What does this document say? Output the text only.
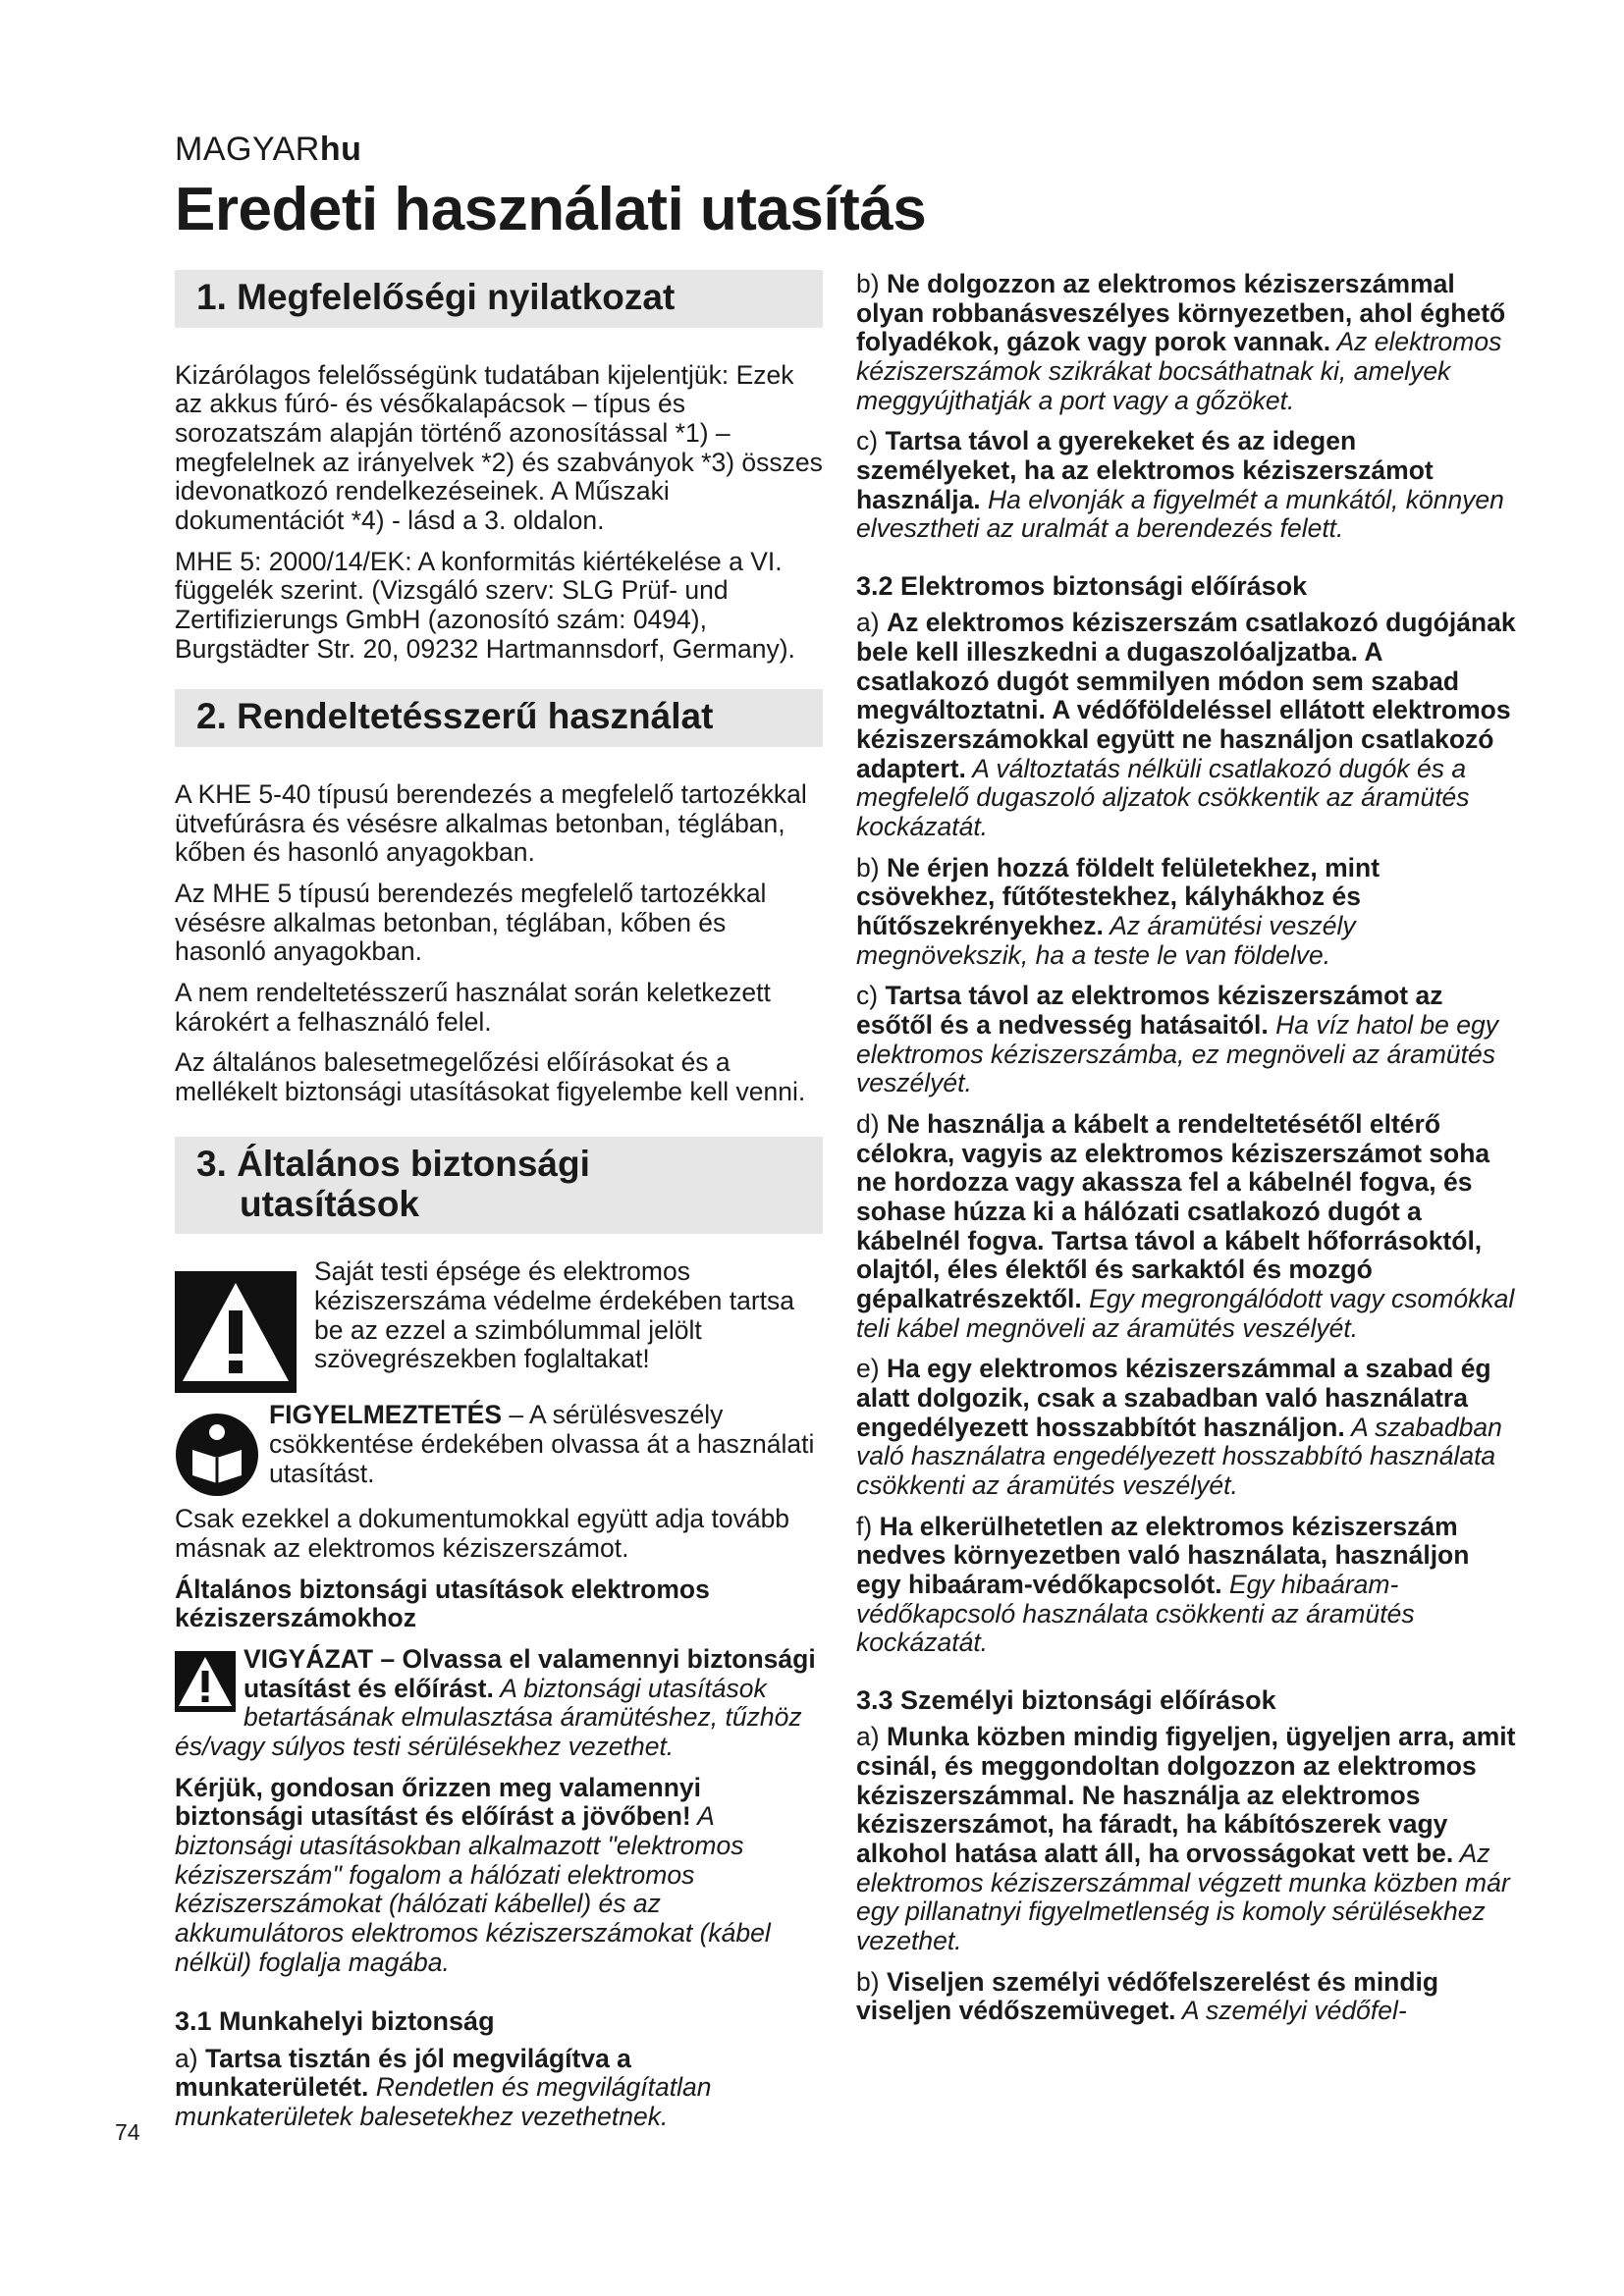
MAGYARhu
Eredeti használati utasítás
1. Megfelelőségi nyilatkozat

Kizárólagos felelősségünk tudatában kijelentjük: Ezek az akkus fúró- és vésőkalapácsok – típus és sorozatszám alapján történő azonosítással *1) – megfelelnek az irányelvek *2) és szabványok *3) összes idevonatkozó rendelkezéseinek. A Műszaki dokumentációt *4) - lásd a 3. oldalon.

MHE 5: 2000/14/EK: A konformitás kiértékelése a VI. függelék szerint. (Vizsgáló szerv: SLG Prüf- und Zertifizierungs GmbH (azonosító szám: 0494), Burgstädter Str. 20, 09232 Hartmannsdorf, Germany).

2. Rendeltetésszerű használat

A KHE 5-40 típusú berendezés a megfelelő tartozékkal ütvefúrásra és vésésre alkalmas betonban, téglában, kőben és hasonló anyagokban.

Az MHE 5 típusú berendezés megfelelő tartozékkal vésésre alkalmas betonban, téglában, kőben és hasonló anyagokban.

A nem rendeltetésszerű használat során keletkezett károkért a felhasználó felel.

Az általános balesetmegelőzési előírásokat és a mellékelt biztonsági utasításokat figyelembe kell venni.

3. Általános biztonsági
utasítások

Saját testi épsége és elektromos kéziszerszáma védelme érdekében tartsa be az ezzel a szimbólummal jelölt szövegrészekben foglaltakat!

FIGYELMEZTETÉS – A sérülésveszély csökkentése érdekében olvassa át a használati utasítást.

Csak ezekkel a dokumentumokkal együtt adja tovább másnak az elektromos kéziszerszámot.

Általános biztonsági utasítások elektromos kéziszerszámokhoz

VIGYÁZAT – Olvassa el valamennyi biztonsági utasítást és előírást. A biztonsági utasítások betartásának elmulasztása áramütéshez, tűzhöz és/vagy súlyos testi sérülésekhez vezethet.

Kérjük, gondosan őrizzen meg valamennyi biztonsági utasítást és előírást a jövőben! A biztonsági utasításokban alkalmazott "elektromos kéziszerszám" fogalom a hálózati elektromos kéziszerszámokat (hálózati kábellel) és az akkumulátoros elektromos kéziszerszámokat (kábel nélkül) foglalja magába.

3.1 Munkahelyi biztonság

a) Tartsa tisztán és jól megvilágítva a munkaterületét. Rendetlen és megvilágítatlan munkaterületek balesetekhez vezethetnek.

b) Ne dolgozzon az elektromos kéziszerszámmal olyan robbanásveszélyes környezetben, ahol éghető folyadékok, gázok vagy porok vannak. Az elektromos kéziszerszámok szikrákat bocsáthatnak ki, amelyek meggyújthatják a port vagy a gőzöket.

c) Tartsa távol a gyerekeket és az idegen személyeket, ha az elektromos kéziszerszámot használja. Ha elvonják a figyelmét a munkától, könnyen elvesztheti az uralmát a berendezés felett.

3.2 Elektromos biztonsági előírások

a) Az elektromos kéziszerszám csatlakozó dugójának bele kell illeszkedni a dugaszolóaljzatba. A csatlakozó dugót semmilyen módon sem szabad megváltoztatni. A védőföldeléssel ellátott elektromos kéziszerszámokkal együtt ne használjon csatlakozó adaptert. A változtatás nélküli csatlakozó dugók és a megfelelő dugaszoló aljzatok csökkentik az áramütés kockázatát.

b) Ne érjen hozzá földelt felületekhez, mint csövekhez, fűtőtestekhez, kályhákhoz és hűtőszekrényekhez. Az áramütési veszély megnövekszik, ha a teste le van földelve.

c) Tartsa távol az elektromos kéziszerszámot az esőtől és a nedvesség hatásaitól. Ha víz hatol be egy elektromos kéziszerszámba, ez megnöveli az áramütés veszélyét.

d) Ne használja a kábelt a rendeltetésétől eltérő célokra, vagyis az elektromos kéziszerszámot soha ne hordozza vagy akassza fel a kábelnél fogva, és sohase húzza ki a hálózati csatlakozó dugót a kábelnél fogva. Tartsa távol a kábelt hőforrásoktól, olajtól, éles élektől és sarkaktól és mozgó gépalkatrészektől. Egy megrongálódott vagy csomókkal teli kábel megnöveli az áramütés veszélyét.

e) Ha egy elektromos kéziszerszámmal a szabad ég alatt dolgozik, csak a szabadban való használatra engedélyezett hosszabbítót használjon. A szabadban való használatra engedélyezett hosszabbító használata csökkenti az áramütés veszélyét.

f) Ha elkerülhetetlen az elektromos kéziszerszám nedves környezetben való használata, használjon egy hibaáram-védőkapcsolót. Egy hibaáram-védőkapcsoló használata csökkenti az áramütés kockázatát.

3.3 Személyi biztonsági előírások

a) Munka közben mindig figyeljen, ügyeljen arra, amit csinál, és meggondoltan dolgozzon az elektromos kéziszerszámmal. Ne használja az elektromos kéziszerszámot, ha fáradt, ha kábítószerek vagy alkohol hatása alatt áll, ha orvosságokat vett be. Az elektromos kéziszerszámmal végzett munka közben már egy pillanatnyi figyelmetlenség is komoly sérülésekhez vezethet.

b) Viseljen személyi védőfelszerelést és mindig viseljen védőszemüveget. A személyi védőfel-

74
